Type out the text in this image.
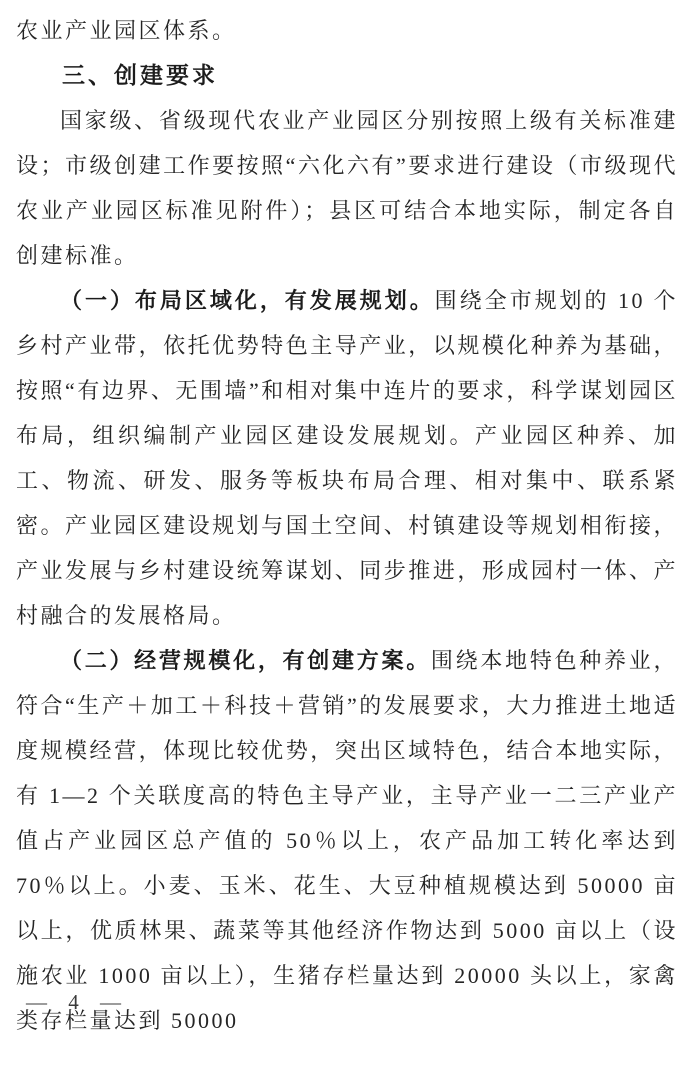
农业产业园区体系。

三、创建要求

国家级、省级现代农业产业园区分别按照上级有关标准建设；市级创建工作要按照“六化六有”要求进行建设（市级现代农业产业园区标准见附件）；县区可结合本地实际，制定各自创建标准。

（一）布局区域化，有发展规划。围绕全市规划的 10 个乡村产业带，依托优势特色主导产业，以规模化种养为基础，按照“有边界、无围墙”和相对集中连片的要求，科学谋划园区布局，组织编制产业园区建设发展规划。产业园区种养、加工、物流、研发、服务等板块布局合理、相对集中、联系紧密。产业园区建设规划与国土空间、村镇建设等规划相衔接，产业发展与乡村建设统筹谋划、同步推进，形成园村一体、产村融合的发展格局。

（二）经营规模化，有创建方案。围绕本地特色种养业，符合“生产＋加工＋科技＋营销”的发展要求，大力推进土地适度规模经营，体现比较优势，突出区域特色，结合本地实际，有 1—2 个关联度高的特色主导产业，主导产业一二三产业产值占产业园区总产值的 50％以上，农产品加工转化率达到 70％以上。小麦、玉米、花生、大豆种植规模达到 50000 亩以上，优质林果、蔬菜等其他经济作物达到 5000 亩以上（设施农业 1000 亩以上），生猪存栏量达到 20000 头以上，家禽类存栏量达到 50000

— 4 —
